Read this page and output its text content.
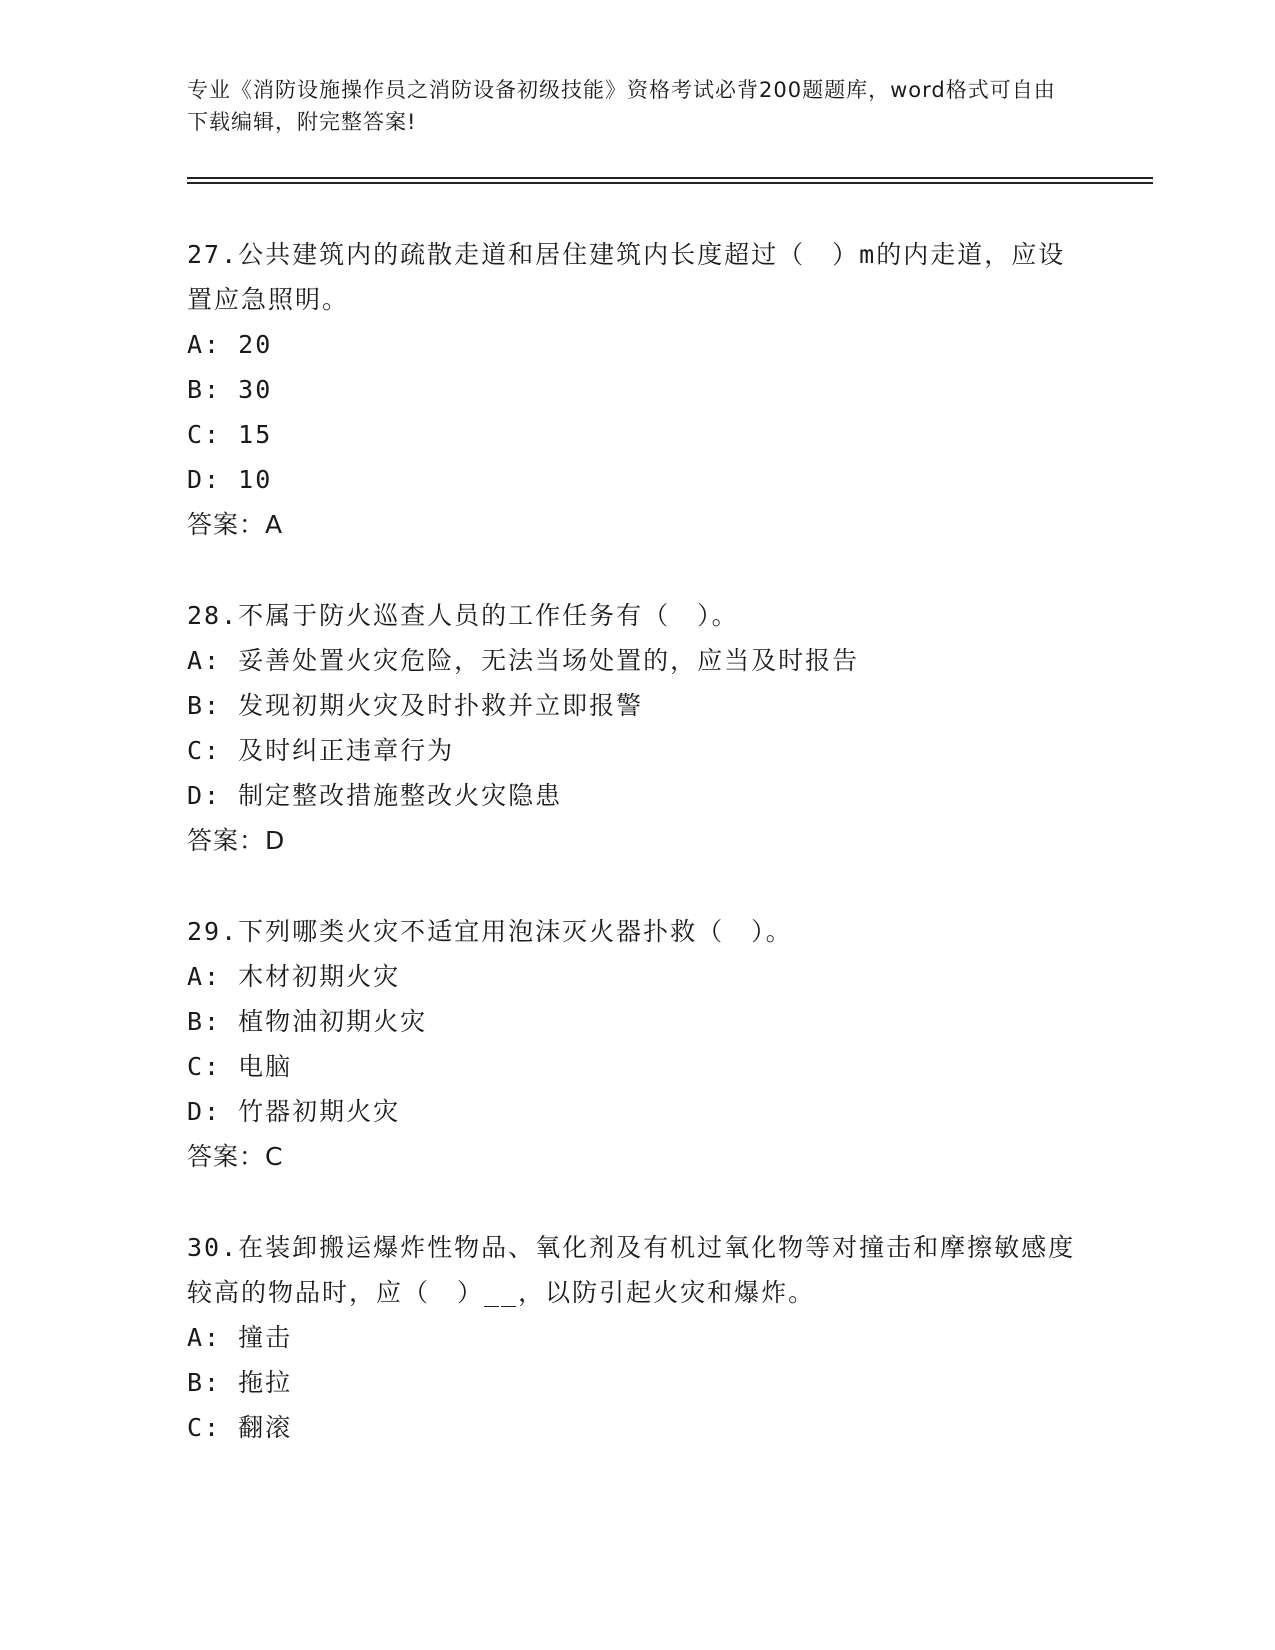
专业《消防设施操作员之消防设备初级技能》资格考试必背200题题库，word格式可自由下载编辑，附完整答案!

27.公共建筑内的疏散走道和居住建筑内长度超过（　）m的内走道，应设置应急照明。

A: 20

B: 30

C: 15

D: 10

答案：A

28.不属于防火巡查人员的工作任务有（　）。

A: 妥善处置火灾危险，无法当场处置的，应当及时报告

B: 发现初期火灾及时扑救并立即报警

C: 及时纠正违章行为

D: 制定整改措施整改火灾隐患

答案：D

29.下列哪类火灾不适宜用泡沫灭火器扑救（　）。

A: 木材初期火灾

B: 植物油初期火灾

C: 电脑

D: 竹器初期火灾

答案：C

30.在装卸搬运爆炸性物品、氧化剂及有机过氧化物等对撞击和摩擦敏感度较高的物品时，应（　）__，以防引起火灾和爆炸。

A: 撞击

B: 拖拉

C: 翻滚
